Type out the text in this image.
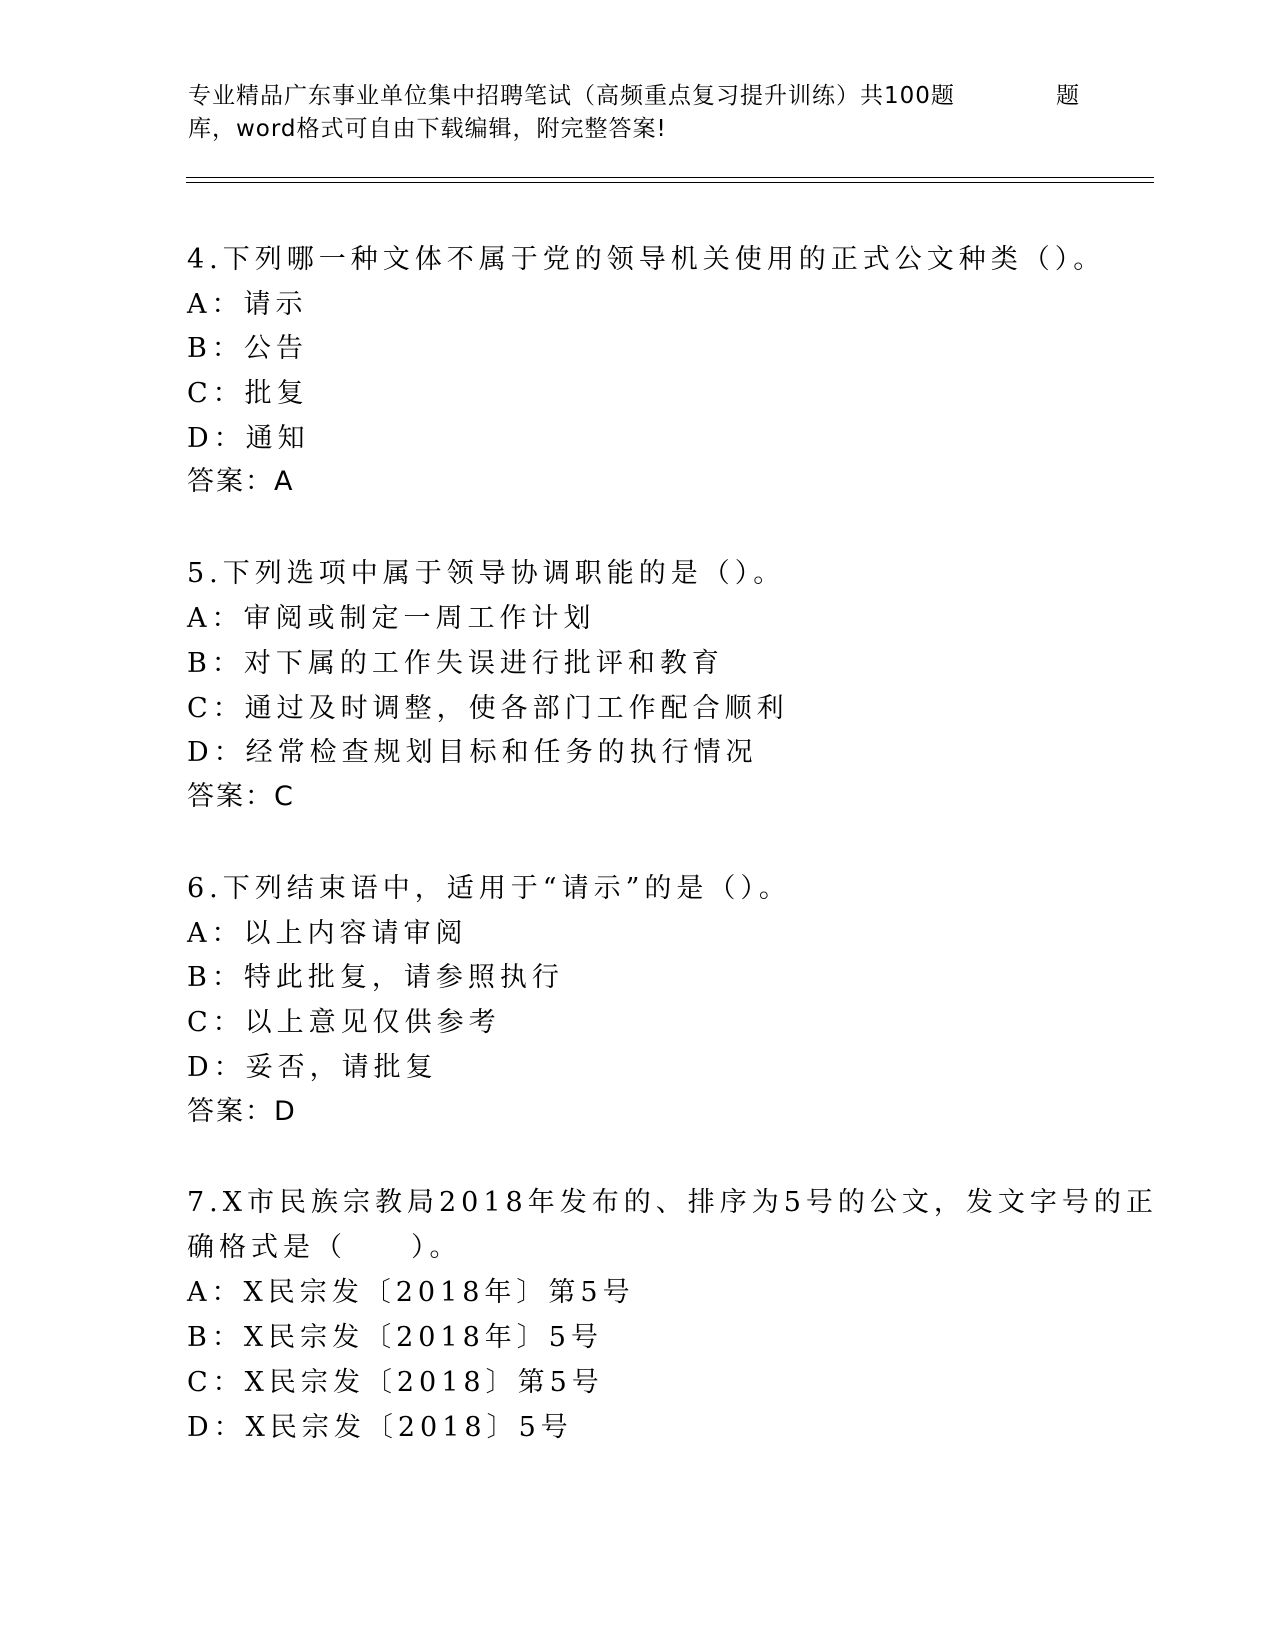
专业精品广东事业单位集中招聘笔试（高频重点复习提升训练）共100题	题
库，word格式可自由下载编辑，附完整答案!
4.下列哪一种文体不属于党的领导机关使用的正式公文种类（）。
A：请示
B：公告
C：批复
D：通知
答案：A
5.下列选项中属于领导协调职能的是（）。
A：审阅或制定一周工作计划
B：对下属的工作失误进行批评和教育
C：通过及时调整，使各部门工作配合顺利
D：经常检查规划目标和任务的执行情况
答案：C
6.下列结束语中，适用于“请示”的是（）。
A：以上内容请审阅
B：特此批复，请参照执行
C：以上意见仅供参考
D：妥否，请批复
答案：D
7.X市民族宗教局2018年发布的、排序为5号的公文，发文字号的正
确格式是（　　）。
A：X民宗发〔2018年〕第5号
B：X民宗发〔2018年〕5号
C：X民宗发〔2018〕第5号
D：X民宗发〔2018〕5号
